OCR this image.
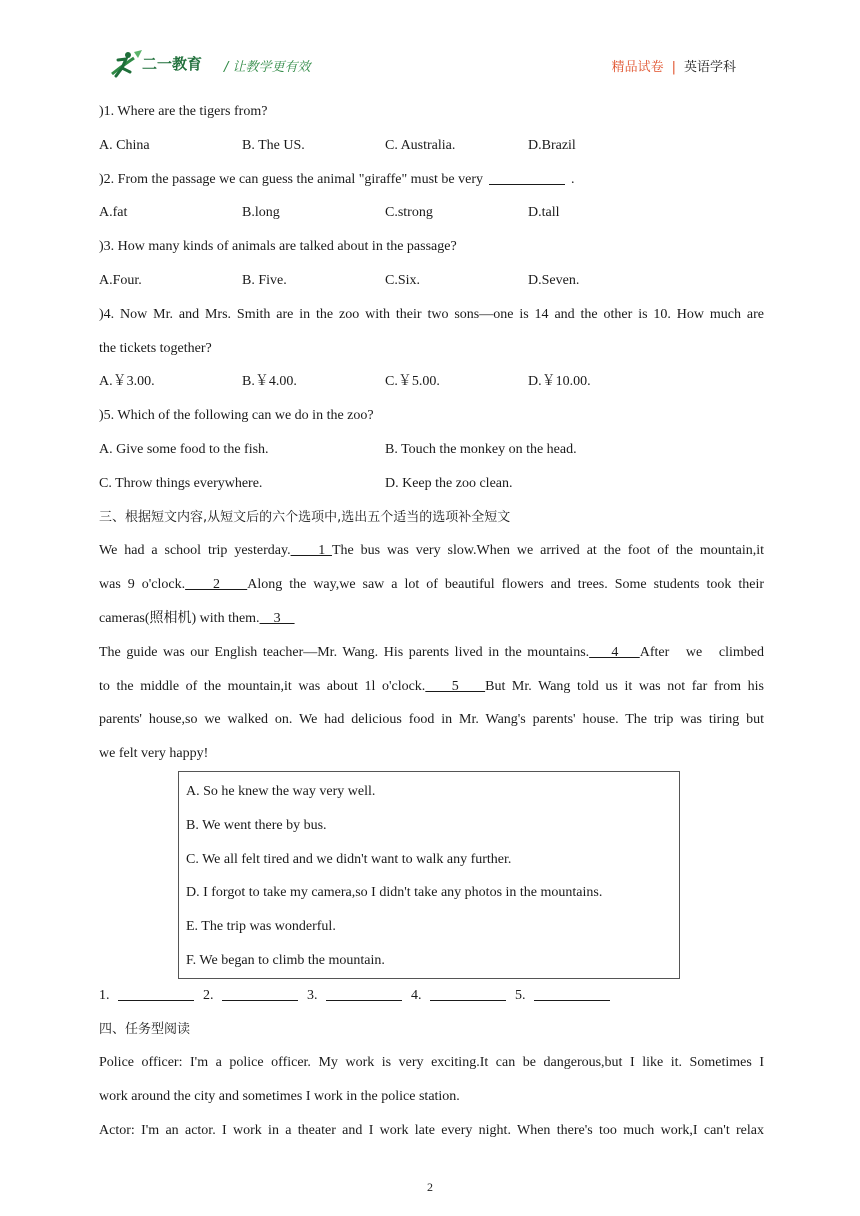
二一教育 / 让教学更有效	精品试卷 | 英语学科
)1. Where are the tigers from?
A. China	B. The US.	C. Australia.	D.Brazil
)2. From the passage we can guess the animal "giraffe" must be very	.
A.fat	B.long	C.strong	D.tall
)3. How many kinds of animals are talked about in the passage?
A.Four.	B. Five.	C.Six.	D.Seven.
)4. Now Mr. and Mrs. Smith are in the zoo with their two sons—one is 14 and the other is 10. How much are
the tickets together?
A.￥3.00.	B.￥4.00.	C.￥5.00.	D.￥10.00.
)5. Which of the following can we do in the zoo?
A. Give some food to the fish.	B. Touch the monkey on the head.
C. Throw things everywhere.	D. Keep the zoo clean.
三、根据短文内容,从短文后的六个选项中,选出五个适当的选项补全短文
We had a school trip yesterday.    1 The bus was very slow.When we arrived at the foot of the mountain,it
was 9 o'clock.    2    Along the way,we saw a lot of beautiful flowers and trees. Some students took their
cameras(照相机) with them.    3
The guide was our English teacher—Mr. Wang. His parents lived in the mountains.    4    After   we   climbed
to the middle of the mountain,it was about 1l o'clock.    5    But Mr. Wang told us it was not far from his
parents' house,so we walked on. We had delicious food in Mr. Wang's parents' house. The trip was tiring but
we felt very happy!
A. So he knew the way very well.
B. We went there by bus.
C. We all felt tired and we didn't want to walk any further.
D. I forgot to take my camera,so I didn't take any photos in the mountains.
E. The trip was wonderful.
F. We began to climb the mountain.
1.	2.	3.	4.	5.
四、任务型阅读
Police officer: I'm a police officer. My work is very exciting.It can be dangerous,but I like it. Sometimes I
work around the city and sometimes I work in the police station.
Actor: I'm an actor. I work in a theater and I work late every night. When there's too much work,I can't relax
2
